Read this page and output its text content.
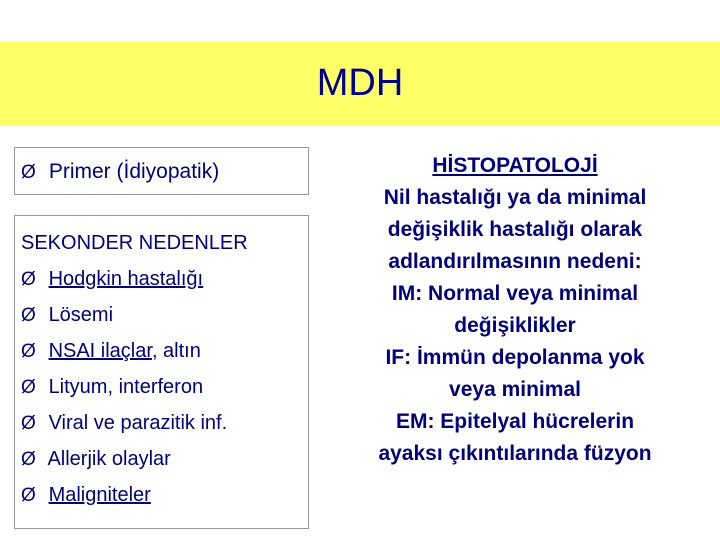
MDH
Ø Primer (İdiyopatik)
SEKONDER NEDENLER
Ø Hodgkin hastalığı
Ø Lösemi
Ø NSAI ilaçlar, altın
Ø Lityum, interferon
Ø Viral ve parazitik inf.
Ø Allerjik olaylar
Ø Maligniteler
HİSTOPATOLOJİ
Nil hastalığı ya da minimal
değişiklik hastalığı olarak
adlandırılmasının nedeni:
IM: Normal veya minimal
değişiklikler
IF: İmmün depolanma yok
veya minimal
EM: Epitelyal hücrelerin
ayaksı çıkıntılarında füzyon
